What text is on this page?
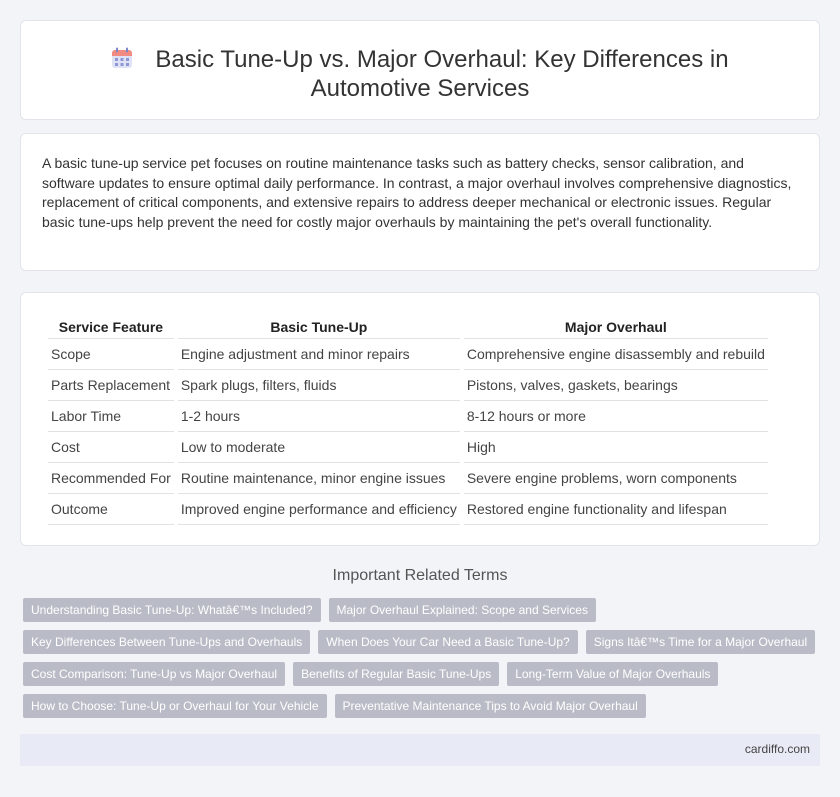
Basic Tune-Up vs. Major Overhaul: Key Differences in Automotive Services

A basic tune-up service pet focuses on routine maintenance tasks such as battery checks, sensor calibration, and software updates to ensure optimal daily performance. In contrast, a major overhaul involves comprehensive diagnostics, replacement of critical components, and extensive repairs to address deeper mechanical or electronic issues. Regular basic tune-ups help prevent the need for costly major overhauls by maintaining the pet's overall functionality.

Service Feature	Basic Tune-Up	Major Overhaul
Scope	Engine adjustment and minor repairs	Comprehensive engine disassembly and rebuild
Parts Replacement	Spark plugs, filters, fluids	Pistons, valves, gaskets, bearings
Labor Time	1-2 hours	8-12 hours or more
Cost	Low to moderate	High
Recommended For	Routine maintenance, minor engine issues	Severe engine problems, worn components
Outcome	Improved engine performance and efficiency	Restored engine functionality and lifespan
Important Related Terms
Understanding Basic Tune-Up: Whatâ€™s Included?	Major Overhaul Explained: Scope and Services
Key Differences Between Tune-Ups and Overhauls	When Does Your Car Need a Basic Tune-Up?	Signs Itâ€™s Time for a Major Overhaul
Cost Comparison: Tune-Up vs Major Overhaul	Benefits of Regular Basic Tune-Ups	Long-Term Value of Major Overhauls
How to Choose: Tune-Up or Overhaul for Your Vehicle	Preventative Maintenance Tips to Avoid Major Overhaul
cardiffo.com
